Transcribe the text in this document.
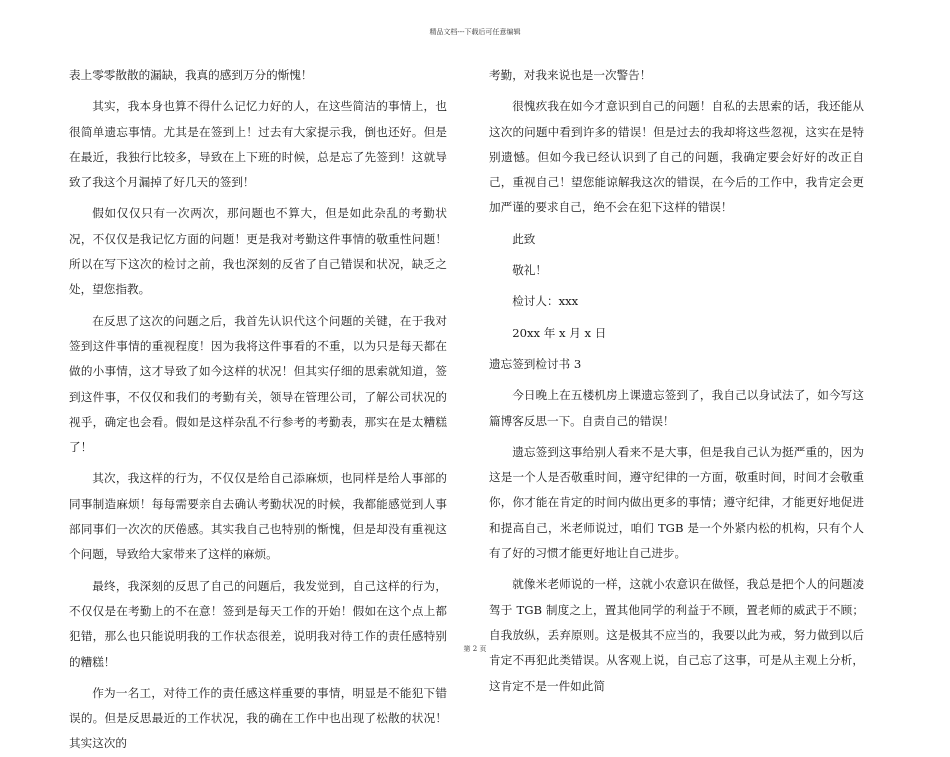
精品文档---下载后可任意编辑

表上零零散散的漏缺，我真的感到万分的惭愧！

其实，我本身也算不得什么记忆力好的人，在这些简洁的事情上，也很简单遗忘事情。尤其是在签到上！过去有大家提示我，倒也还好。但是在最近，我独行比较多，导致在上下班的时候，总是忘了先签到！这就导致了我这个月漏掉了好几天的签到！

假如仅仅只有一次两次，那问题也不算大，但是如此杂乱的考勤状况，不仅仅是我记忆方面的问题！更是我对考勤这件事情的敬重性问题！所以在写下这次的检讨之前，我也深刻的反省了自己错误和状况，缺乏之处，望您指教。

在反思了这次的问题之后，我首先认识代这个问题的关键，在于我对签到这件事情的重视程度！因为我将这件事看的不重，以为只是每天都在做的小事情，这才导致了如今这样的状况！但其实仔细的思索就知道，签到这件事，不仅仅和我们的考勤有关，领导在管理公司，了解公司状况的视乎，确定也会看。假如是这样杂乱不行参考的考勤表，那实在是太糟糕了！

其次，我这样的行为，不仅仅是给自己添麻烦，也同样是给人事部的同事制造麻烦！每每需要亲自去确认考勤状况的时候，我都能感觉到人事部同事们一次次的厌倦感。其实我自己也特别的惭愧，但是却没有重视这个问题，导致给大家带来了这样的麻烦。

最终，我深刻的反思了自己的问题后，我发觉到，自己这样的行为，不仅仅是在考勤上的不在意！签到是每天工作的开始！假如在这个点上都犯错，那么也只能说明我的工作状态很差，说明我对待工作的责任感特别的糟糕！

作为一名工，对待工作的责任感这样重要的事情，明显是不能犯下错误的。但是反思最近的工作状况，我的确在工作中也出现了松散的状况！其实这次的

考勤，对我来说也是一次警告！

很愧疚我在如今才意识到自己的问题！自私的去思索的话，我还能从这次的问题中看到许多的错误！但是过去的我却将这些忽视，这实在是特别遗憾。但如今我已经认识到了自己的问题，我确定要会好好的改正自己，重视自己！望您能谅解我这次的错误，在今后的工作中，我肯定会更加严谨的要求自己，绝不会在犯下这样的错误！

此致

敬礼！

检讨人：xxx

20xx 年 x 月 x 日

遗忘签到检讨书 3

今日晚上在五楼机房上课遗忘签到了，我自己以身试法了，如今写这篇博客反思一下。自责自己的错误！

遗忘签到这事给别人看来不是大事，但是我自己认为挺严重的，因为这是一个人是否敬重时间，遵守纪律的一方面，敬重时间，时间才会敬重你，你才能在肯定的时间内做出更多的事情；遵守纪律，才能更好地促进和提高自己，米老师说过，咱们 TGB 是一个外紧内松的机构，只有个人有了好的习惯才能更好地让自己进步。

就像米老师说的一样，这就小农意识在做怪，我总是把个人的问题凌驾于 TGB 制度之上，置其他同学的利益于不顾，置老师的威武于不顾；自我放纵，丢弃原则。这是极其不应当的，我要以此为戒，努力做到以后肯定不再犯此类错误。从客观上说，自己忘了这事，可是从主观上分析，这肯定不是一件如此简

第 2 页
